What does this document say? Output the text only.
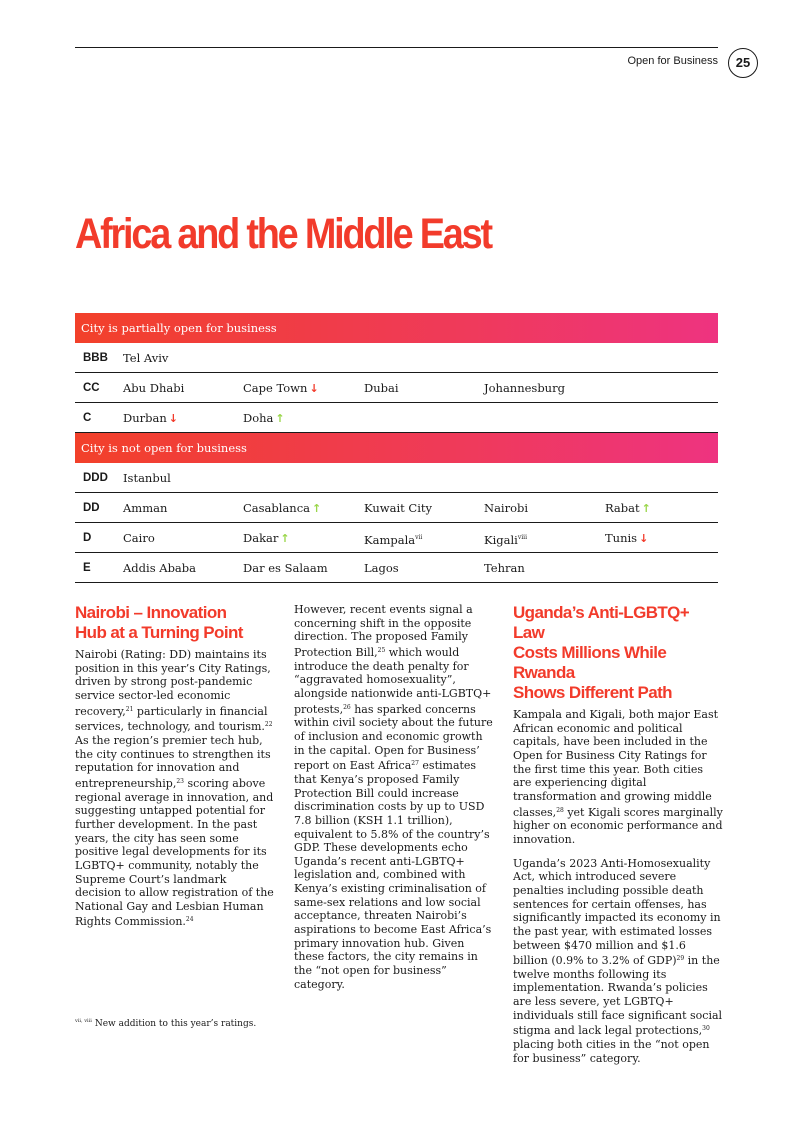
Open for Business	25
Africa and the Middle East
City is partially open for business
BBB Tel Aviv
CC Abu Dhabi	Cape Town ↓	Dubai	Johannesburg
C	Durban ↓	Doha ↑
City is not open for business
DDD Istanbul
DD Amman	Casablanca ↑	Kuwait City	Nairobi	Rabat ↑
D	Cairo	Dakar ↑	Kampala$^{vii}$	Kigali$^{viii}$	Tunis ↓
E	Addis Ababa	Dar es Salaam	Lagos	Tehran
Nairobi – Innovation
Hub at a Turning Point

Nairobi (Rating: DD) maintains its position in this year’s City Ratings, driven by strong post-pandemic service sector-led economic recovery,$^{21}$ particularly in financial services, technology, and tourism.$^{22}$ As the region’s premier tech hub, the city continues to strengthen its reputation for innovation and entrepreneurship,$^{23}$ scoring above regional average in innovation, and suggesting untapped potential for further development. In the past years, the city has seen some positive legal developments for its LGBTQ+ community, notably the Supreme Court’s landmark decision to allow registration of the National Gay and Lesbian Human Rights Commission.$^{24}$

However, recent events signal a concerning shift in the opposite direction. The proposed Family Protection Bill,$^{25}$ which would introduce the death penalty for “aggravated homosexuality”, alongside nationwide anti-LGBTQ+ protests,$^{26}$ has sparked concerns within civil society about the future of inclusion and economic growth in the capital. Open for Business’ report on East Africa$^{27}$ estimates that Kenya’s proposed Family Protection Bill could increase discrimination costs by up to USD 7.8 billion (KSH 1.1 trillion), equivalent to 5.8% of the country’s GDP. These developments echo Uganda’s recent anti-LGBTQ+ legislation and, combined with Kenya’s existing criminalisation of same-sex relations and low social acceptance, threaten Nairobi’s aspirations to become East Africa’s primary innovation hub. Given these factors, the city remains in the “not open for business” category.

Uganda’s Anti-LGBTQ+ Law
Costs Millions While Rwanda
Shows Different Path

Kampala and Kigali, both major East African economic and political capitals, have been included in the Open for Business City Ratings for the first time this year. Both cities are experiencing digital transformation and growing middle classes,$^{28}$ yet Kigali scores marginally higher on economic performance and innovation.

Uganda’s 2023 Anti-Homosexuality Act, which introduced severe penalties including possible death sentences for certain offenses, has significantly impacted its economy in the past year, with estimated losses between $470 million and $1.6 billion (0.9% to 3.2% of GDP)$^{29}$ in the twelve months following its implementation. Rwanda’s policies are less severe, yet LGBTQ+ individuals still face significant social stigma and lack legal protections,$^{30}$ placing both cities in the “not open for business” category.

$^{vii, viii}$ New addition to this year’s ratings.
